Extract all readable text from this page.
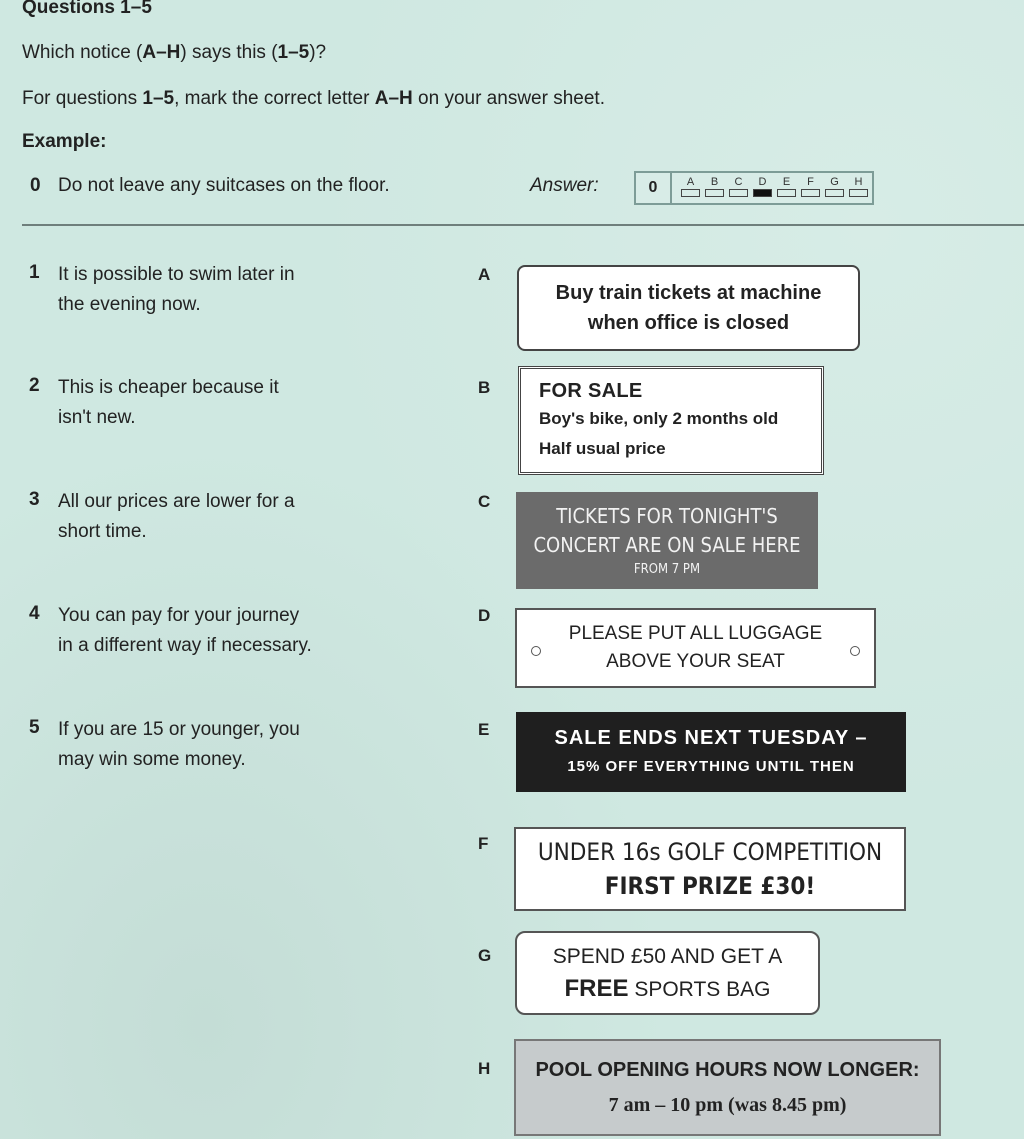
Questions 1–5
Which notice (A–H) says this (1–5)?
For questions 1–5, mark the correct letter A–H on your answer sheet.
Example:
0 Do not leave any suitcases on the floor.	Answer:	0	A	B	C	D	E	F	G	H
1 It is possible to swim later in
the evening now.
2 This is cheaper because it
isn't new.
3 All our prices are lower for a
short time.
4 You can pay for your journey
in a different way if necessary.
5 If you are 15 or younger, you
may win some money.
A
B
C
D
E
F
G
H
Buy train tickets at machine
when office is closed
FOR SALE
Boy's bike, only 2 months old
Half usual price
TICKETS FOR TONIGHT'S
CONCERT ARE ON SALE HERE
FROM 7 PM
PLEASE PUT ALL LUGGAGE
ABOVE YOUR SEAT
SALE ENDS NEXT TUESDAY –
15% OFF EVERYTHING UNTIL THEN
UNDER 16s GOLF COMPETITION
FIRST PRIZE £30!
SPEND £50 AND GET A
FREE SPORTS BAG
POOL OPENING HOURS NOW LONGER:
7 am – 10 pm (was 8.45 pm)
